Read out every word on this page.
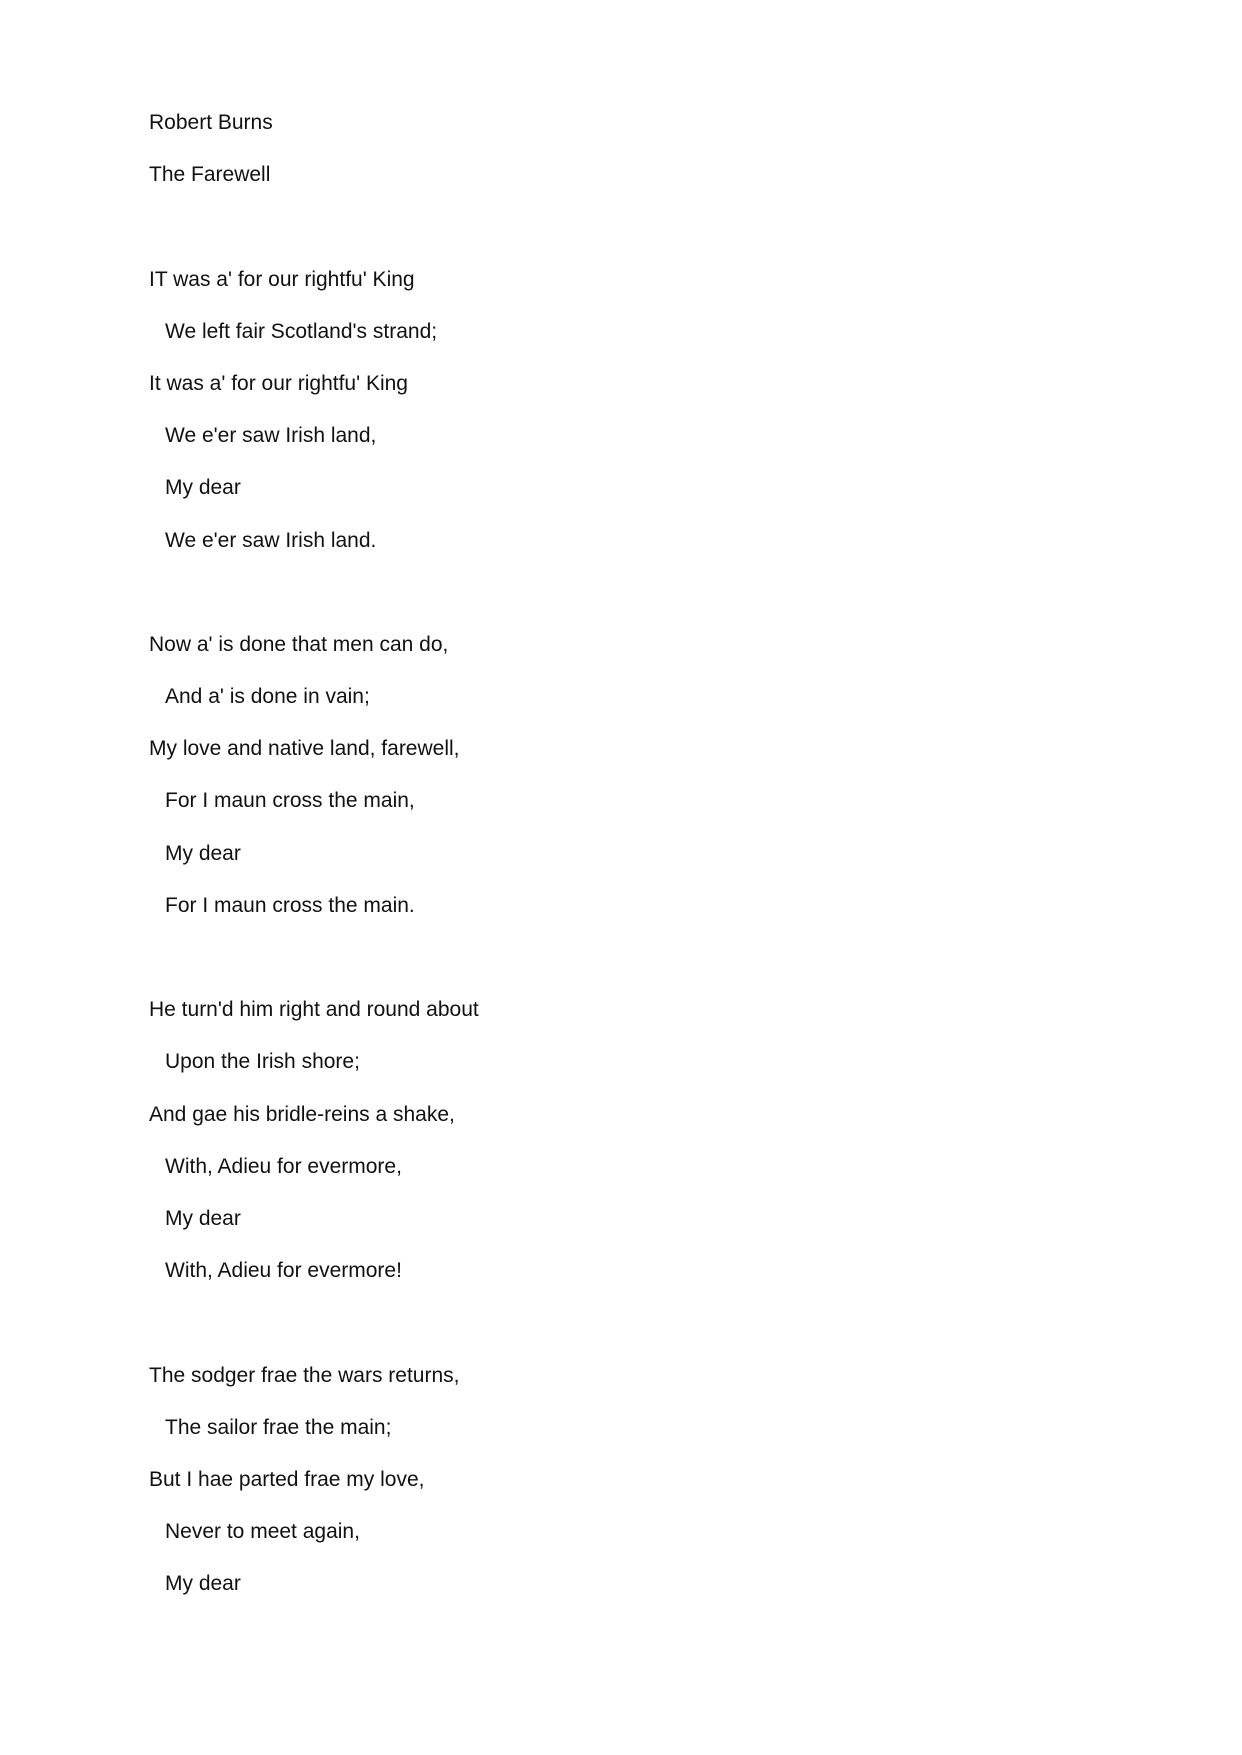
Robert Burns
The Farewell
IT was a' for our rightfu' King
We left fair Scotland's strand;
It was a' for our rightfu' King
We e'er saw Irish land,
My dear
We e'er saw Irish land.
Now a' is done that men can do,
And a' is done in vain;
My love and native land, farewell,
For I maun cross the main,
My dear
For I maun cross the main.
He turn'd him right and round about
Upon the Irish shore;
And gae his bridle-reins a shake,
With, Adieu for evermore,
My dear
With, Adieu for evermore!
The sodger frae the wars returns,
The sailor frae the main;
But I hae parted frae my love,
Never to meet again,
My dear
